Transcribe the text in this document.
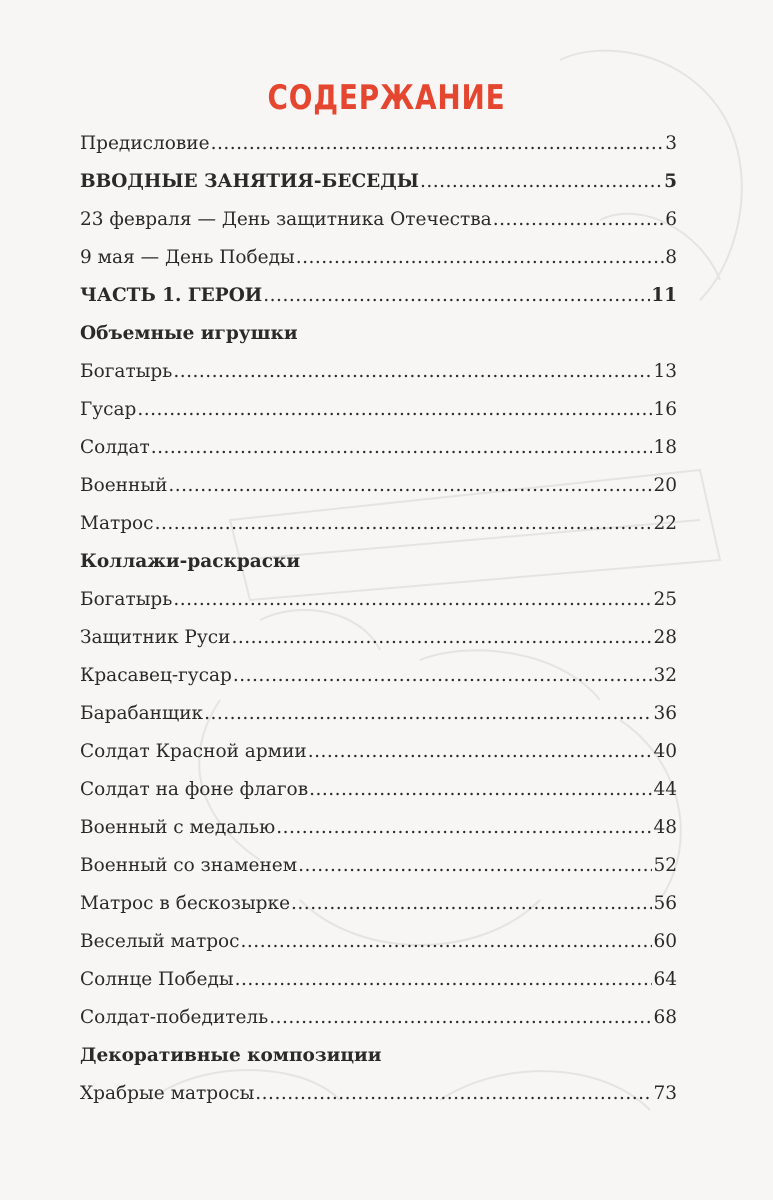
СОДЕРЖАНИЕ
Предисловие .....	3
ВВОДНЫЕ ЗАНЯТИЯ-БЕСЕДЫ .....	5
23 февраля — День защитника Отечества .....	6
9 мая — День Победы .....	8
ЧАСТЬ 1. ГЕРОИ .....	11
Объемные игрушки
Богатырь .....	13
Гусар .....	16
Солдат .....	18
Военный .....	20
Матрос .....	22
Коллажи-раскраски
Богатырь .....	25
Защитник Руси .....	28
Красавец-гусар .....	32
Барабанщик .....	36
Солдат Красной армии .....	40
Солдат на фоне флагов .....	44
Военный с медалью .....	48
Военный со знаменем .....	52
Матрос в бескозырке .....	56
Веселый матрос .....	60
Солнце Победы .....	64
Солдат-победитель .....	68
Декоративные композиции
Храбрые матросы .....	73
